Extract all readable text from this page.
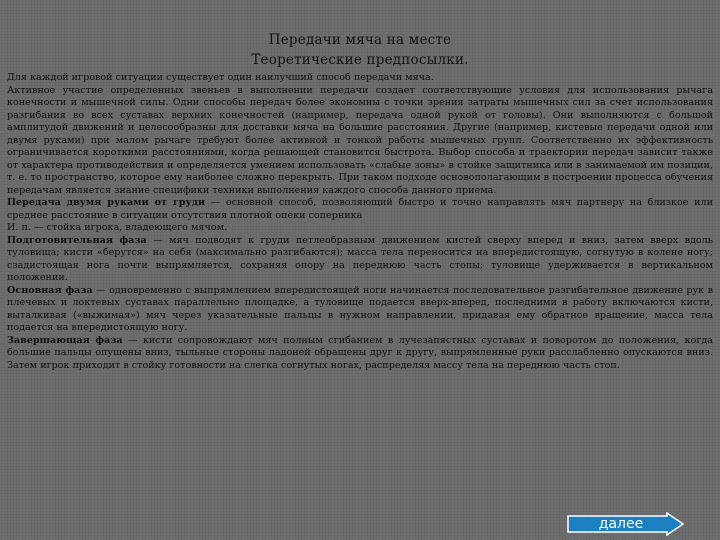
Передачи мяча на месте
Теоретические предпосылки.

Для каждой игровой ситуации существует один наилучший способ передачи мяча.

Активное участие определенных звеньев в выполнении передачи создает соответствующие условия для использования рычага конечности и мышечной силы. Одни способы передач более экономны с точки зрения затраты мышечных сил за счет использования разгибания во всех суставах верхних конечностей (например, передача одной рукой от головы). Они выполняются с большой амплитудой движений и целесообразны для доставки мяча на большие расстояния. Другие (например, кистевые передачи одной или двумя руками) при малом рычаге требуют более активной и тонкой работы мышечных групп. Соответственно их эффективность ограничивается короткими расстояниями, когда решающей становится быстрота. Выбор способа и траектории передач зависит также от характера противодействия и определяется умением использовать «слабые зоны» в стойке защитника или в занимаемой им позиции, т. е. то пространство, которое ему наиболее сложно перекрыть. При таком подходе основополагающим в построении процесса обучения передачам является знание специфики техники выполнения каждого способа данного приема.

Передача двумя руками от груди — основной способ, позволяющий быстро и точно направлять мяч партнеру на близкое или среднее расстояние в ситуации отсутствия плотной опеки соперника

И. п. — стойка игрока, владеющего мячом.

Подготовительная фаза — мяч подводят к груди петлеобразным движением кистей сверху вперед и вниз, затем вверх вдоль туловища; кисти «берутся» на себя (максимально разгибаются); масса тела переносится на впередистоящую, согнутую в колене ногу; сзадистоящая нога почти выпрямляется, сохраняя опору на переднюю часть стопы; туловище удерживается в вертикальном положении.

Основная фаза — одновременно с выпрямлением впередистоящей ноги начинается последовательное разгибательное движение рук в плечевых и локтевых суставах параллельно площадке, а туловище подается вверх-вперед, последними в работу включаются кисти, выталкивая («выжимая») мяч через указательные пальцы в нужном направлении, придавая ему обратное вращение, масса тела подается на впередистоящую ногу.

Завершающая фаза — кисти сопровождают мяч полным сгибанием в лучезапястных суставах и поворотом до положения, когда большие пальцы опущены вниз, тыльные стороны ладоней обращены друг к другу, выпрямленные руки расслабленно опускаются вниз. Затем игрок приходит в стойку готовности на слегка согнутых ногах, распределяя массу тела на переднюю часть стоп.

далее
